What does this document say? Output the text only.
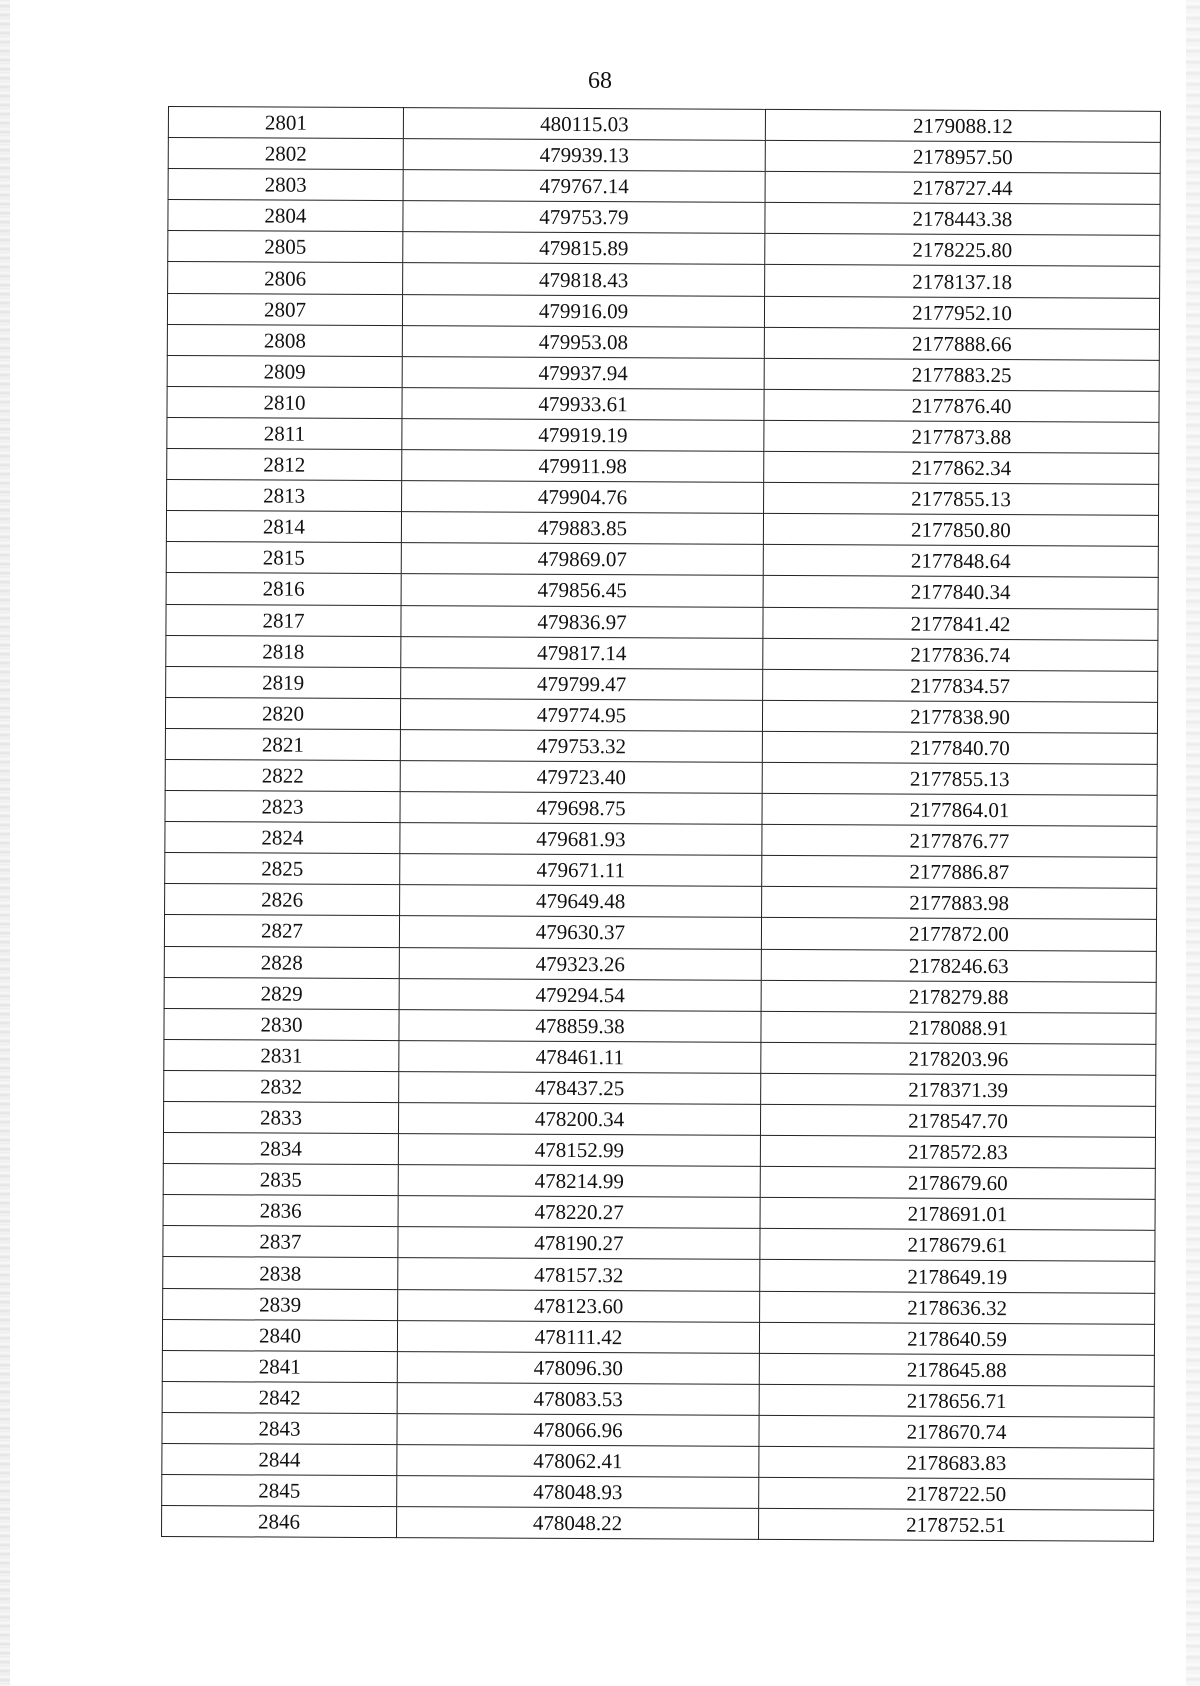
68
2801	480115.03	2179088.12
2802	479939.13	2178957.50
2803	479767.14	2178727.44
2804	479753.79	2178443.38
2805	479815.89	2178225.80
2806	479818.43	2178137.18
2807	479916.09	2177952.10
2808	479953.08	2177888.66
2809	479937.94	2177883.25
2810	479933.61	2177876.40
2811	479919.19	2177873.88
2812	479911.98	2177862.34
2813	479904.76	2177855.13
2814	479883.85	2177850.80
2815	479869.07	2177848.64
2816	479856.45	2177840.34
2817	479836.97	2177841.42
2818	479817.14	2177836.74
2819	479799.47	2177834.57
2820	479774.95	2177838.90
2821	479753.32	2177840.70
2822	479723.40	2177855.13
2823	479698.75	2177864.01
2824	479681.93	2177876.77
2825	479671.11	2177886.87
2826	479649.48	2177883.98
2827	479630.37	2177872.00
2828	479323.26	2178246.63
2829	479294.54	2178279.88
2830	478859.38	2178088.91
2831	478461.11	2178203.96
2832	478437.25	2178371.39
2833	478200.34	2178547.70
2834	478152.99	2178572.83
2835	478214.99	2178679.60
2836	478220.27	2178691.01
2837	478190.27	2178679.61
2838	478157.32	2178649.19
2839	478123.60	2178636.32
2840	478111.42	2178640.59
2841	478096.30	2178645.88
2842	478083.53	2178656.71
2843	478066.96	2178670.74
2844	478062.41	2178683.83
2845	478048.93	2178722.50
2846	478048.22	2178752.51
